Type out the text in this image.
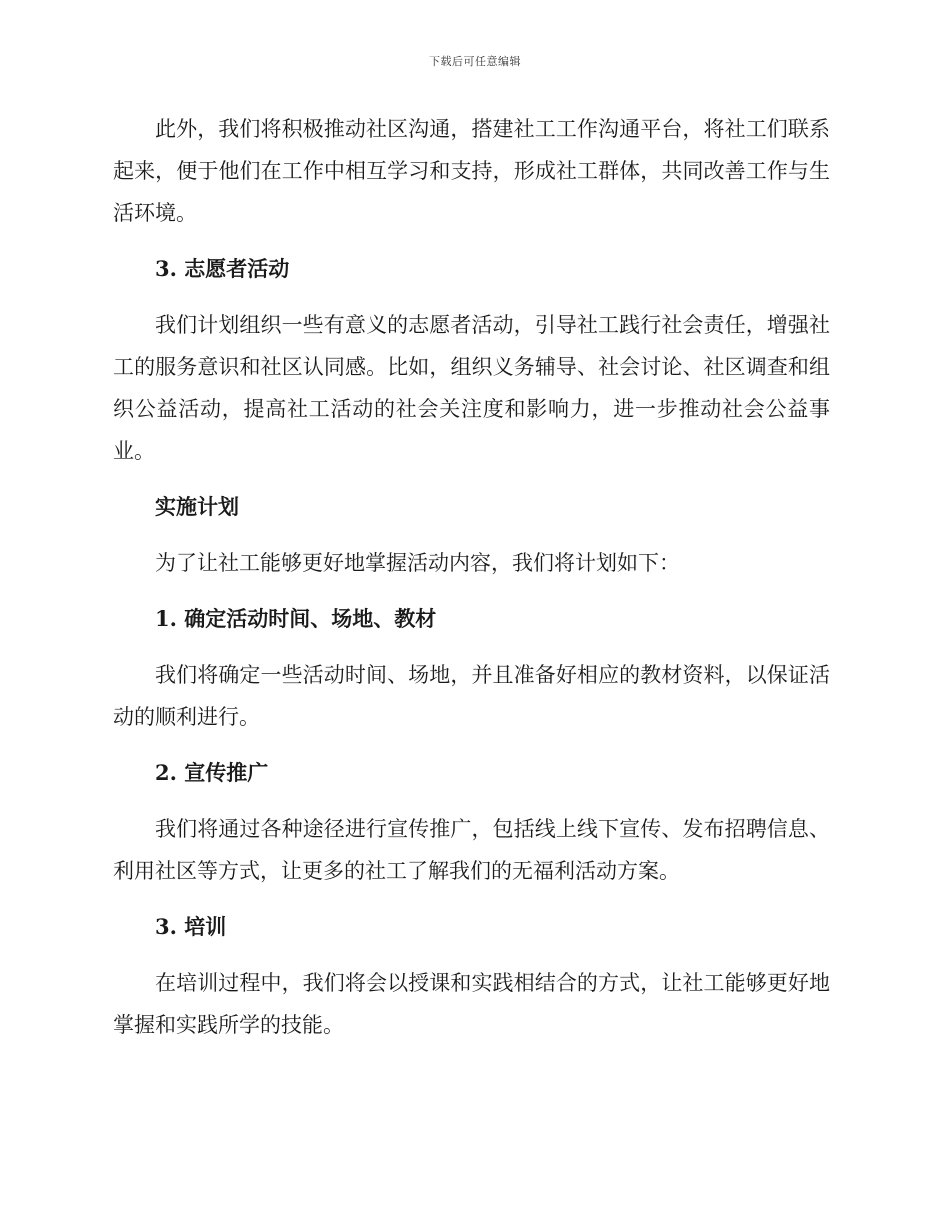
下载后可任意编辑

此外，我们将积极推动社区沟通，搭建社工工作沟通平台，将社工们联系起来，便于他们在工作中相互学习和支持，形成社工群体，共同改善工作与生活环境。

3. 志愿者活动

我们计划组织一些有意义的志愿者活动，引导社工践行社会责任，增强社工的服务意识和社区认同感。比如，组织义务辅导、社会讨论、社区调查和组织公益活动，提高社工活动的社会关注度和影响力，进一步推动社会公益事业。

实施计划

为了让社工能够更好地掌握活动内容，我们将计划如下：

1. 确定活动时间、场地、教材

我们将确定一些活动时间、场地，并且准备好相应的教材资料，以保证活动的顺利进行。

2. 宣传推广

我们将通过各种途径进行宣传推广，包括线上线下宣传、发布招聘信息、利用社区等方式，让更多的社工了解我们的无福利活动方案。

3. 培训

在培训过程中，我们将会以授课和实践相结合的方式，让社工能够更好地掌握和实践所学的技能。
